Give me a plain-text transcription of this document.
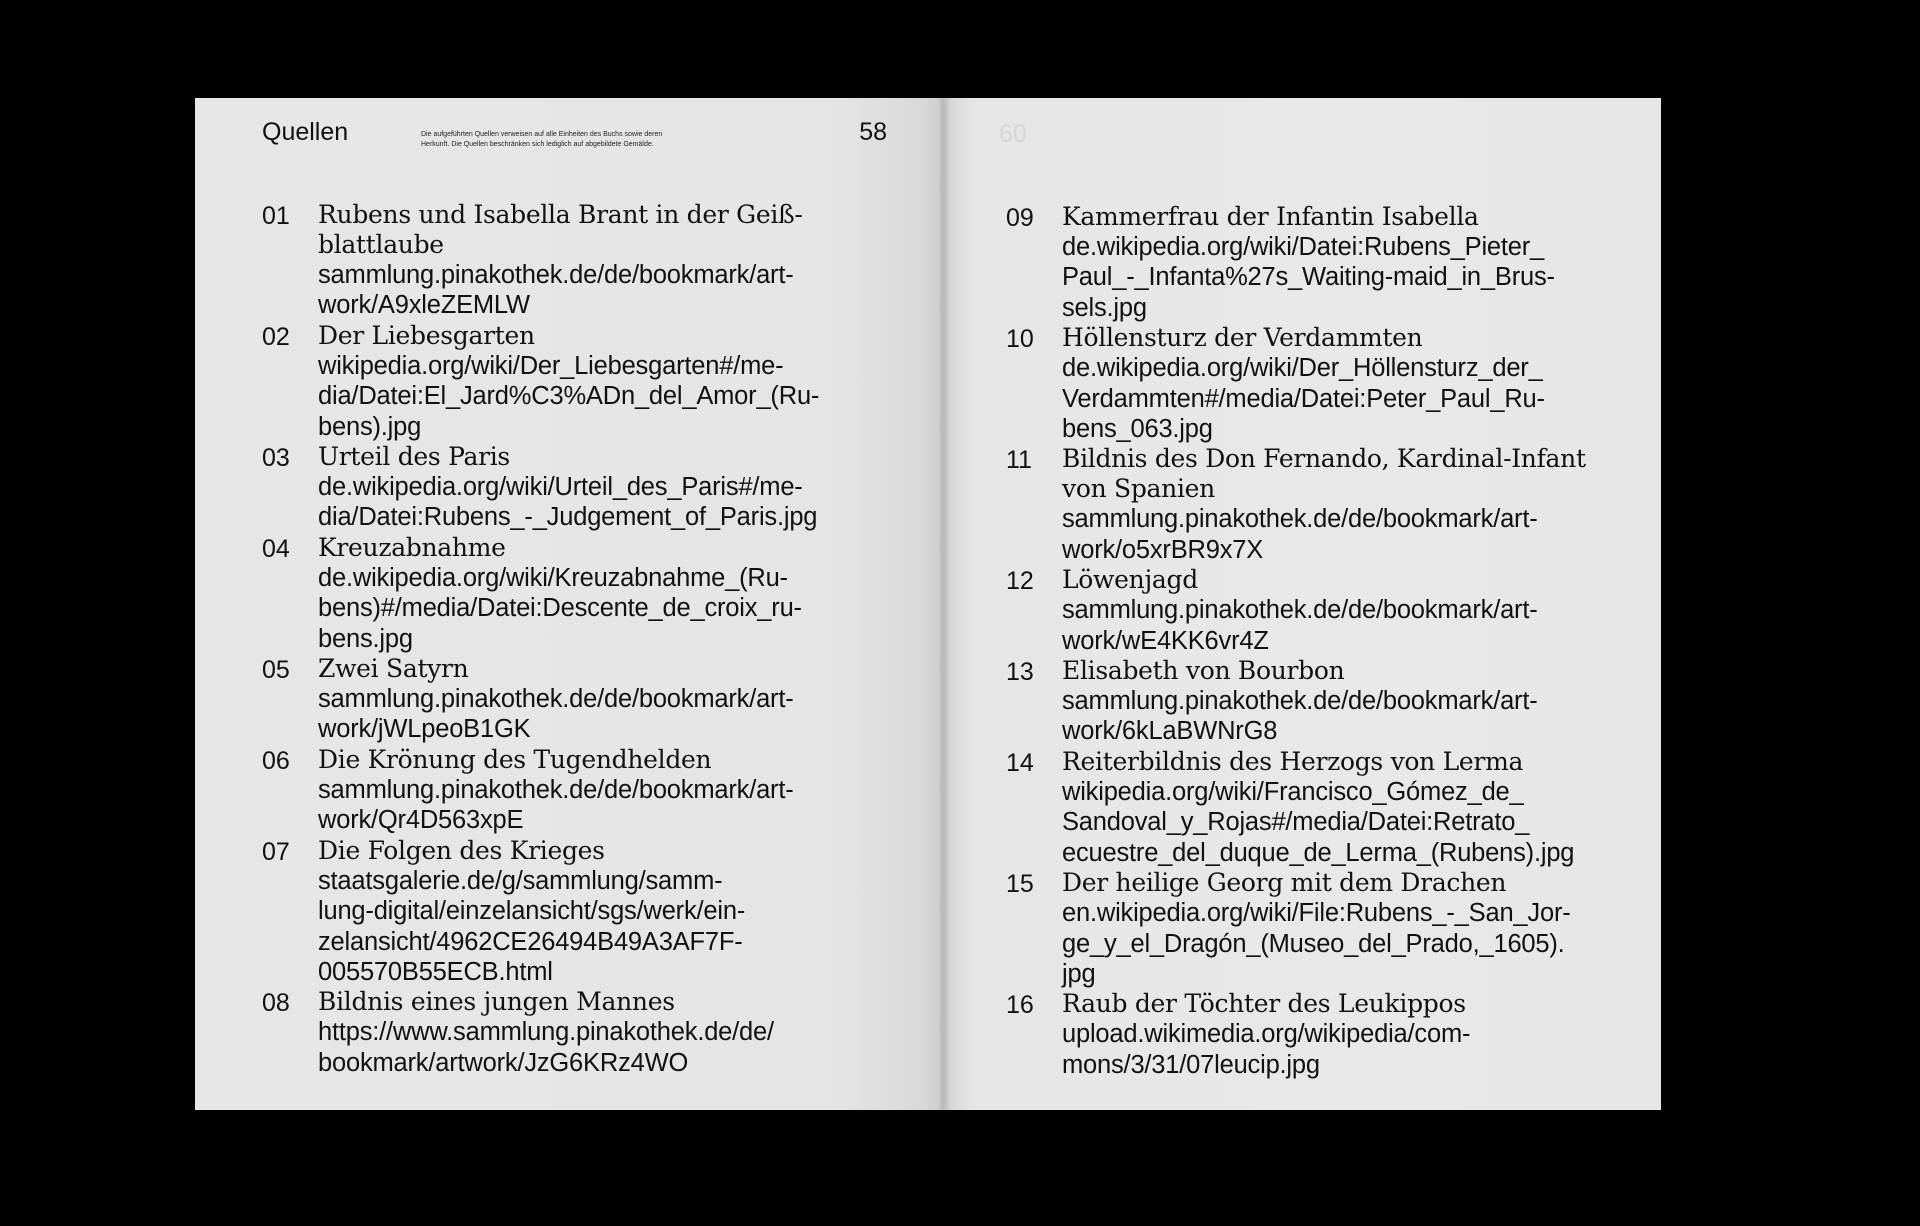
Quellen	Die aufgeführten Quellen verweisen auf alle Einheiten des Buchs sowie deren Herkunft. Die Quellen beschränken sich lediglich auf abgebildete Gemälde.	58
01 Rubens und Isabella Brant in der Geiß-
blattlaube
sammlung.pinakothek.de/de/bookmark/art-
work/A9xleZEMLW
02 Der Liebesgarten
wikipedia.org/wiki/Der_Liebesgarten#/me-
dia/Datei:El_Jard%C3%ADn_del_Amor_(Ru-
bens).jpg
03 Urteil des Paris
de.wikipedia.org/wiki/Urteil_des_Paris#/me-
dia/Datei:Rubens_-_Judgement_of_Paris.jpg
04 Kreuzabnahme
de.wikipedia.org/wiki/Kreuzabnahme_(Ru-
bens)#/media/Datei:Descente_de_croix_ru-
bens.jpg
05 Zwei Satyrn
sammlung.pinakothek.de/de/bookmark/art-
work/jWLpeoB1GK
06 Die Krönung des Tugendhelden
sammlung.pinakothek.de/de/bookmark/art-
work/Qr4D563xpE
07 Die Folgen des Krieges
staatsgalerie.de/g/sammlung/samm-
lung-digital/einzelansicht/sgs/werk/ein-
zelansicht/4962CE26494B49A3AF7F-
005570B55ECB.html
08 Bildnis eines jungen Mannes
https://www.sammlung.pinakothek.de/de/
bookmark/artwork/JzG6KRz4WO
60
09 Kammerfrau der Infantin Isabella
de.wikipedia.org/wiki/Datei:Rubens_Pieter_
Paul_-_Infanta%27s_Waiting-maid_in_Brus-
sels.jpg
10 Höllensturz der Verdammten
de.wikipedia.org/wiki/Der_Höllensturz_der_
Verdammten#/media/Datei:Peter_Paul_Ru-
bens_063.jpg
11 Bildnis des Don Fernando, Kardinal-Infant
von Spanien
sammlung.pinakothek.de/de/bookmark/art-
work/o5xrBR9x7X
12 Löwenjagd
sammlung.pinakothek.de/de/bookmark/art-
work/wE4KK6vr4Z
13 Elisabeth von Bourbon
sammlung.pinakothek.de/de/bookmark/art-
work/6kLaBWNrG8
14 Reiterbildnis des Herzogs von Lerma
wikipedia.org/wiki/Francisco_Gómez_de_
Sandoval_y_Rojas#/media/Datei:Retrato_
ecuestre_del_duque_de_Lerma_(Rubens).jpg
15 Der heilige Georg mit dem Drachen
en.wikipedia.org/wiki/File:Rubens_-_San_Jor-
ge_y_el_Dragón_(Museo_del_Prado,_1605).
jpg
16 Raub der Töchter des Leukippos
upload.wikimedia.org/wikipedia/com-
mons/3/31/07leucip.jpg
